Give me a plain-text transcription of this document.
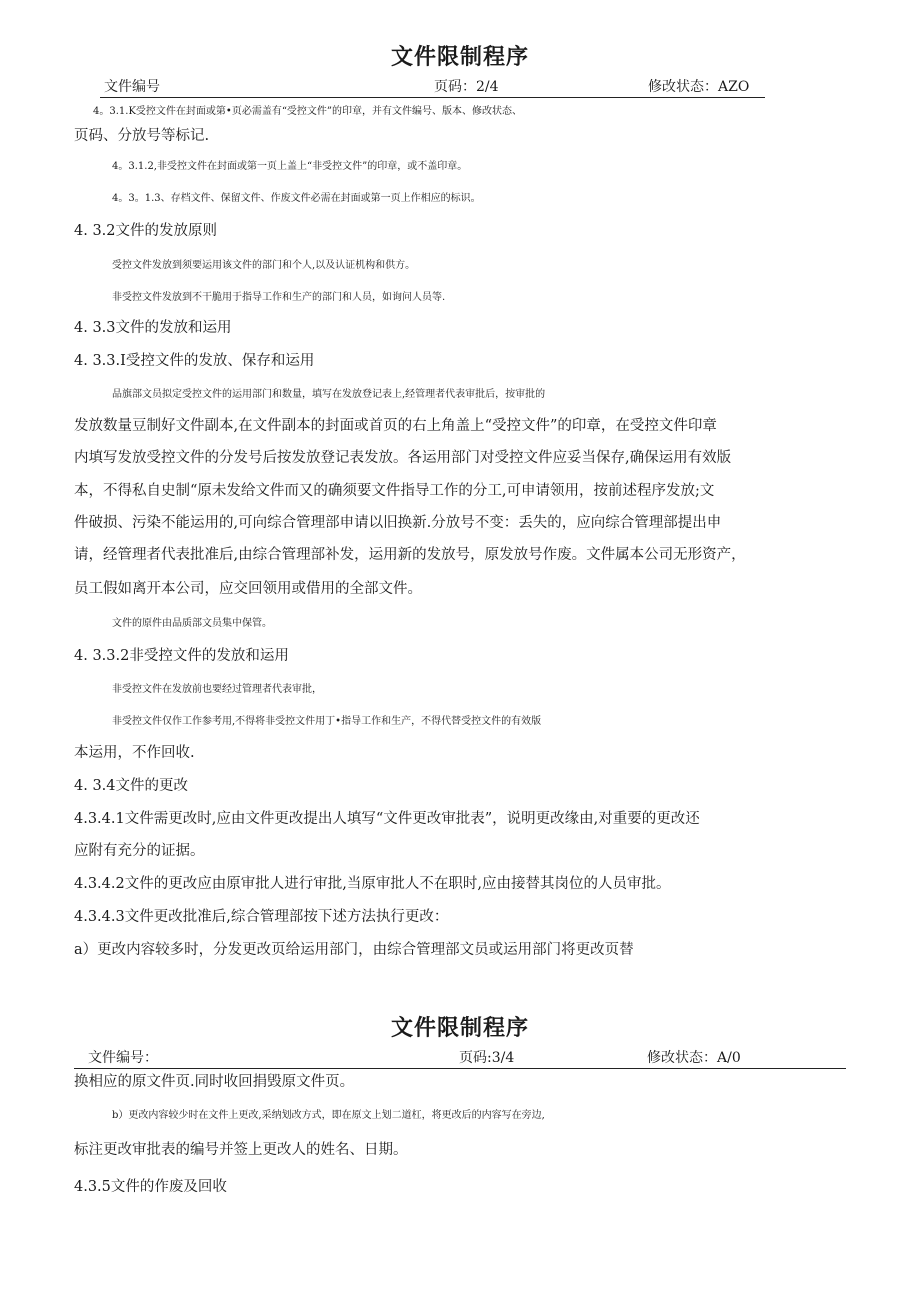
文件限制程序
文件编号	页码：2/4	修改状态：AZO
4。3.1.K受控文件在封面或第•页必需盖有“受控文件”的印章，并有文件编号、版本、修改状态、
页码、分放号等标记.
4。3.1.2,非受控文件在封面或第一页上盖上“非受控文件”的印章，或不盖印章。
4。3。1.3、存档文件、保留文件、作废文件必需在封面或第一页上作相应的标识。
4. 3.2文件的发放原则
受控文件发放到须要运用该文件的部门和个人,以及认证机构和供方。
非受控文件发放到不干脆用于指导工作和生产的部门和人员，如询问人员等.
4. 3.3文件的发放和运用
4. 3.3.I受控文件的发放、保存和运用
品旗部文员拟定受控文件的运用部门和数量，填写在发放登记表上,经管理者代表审批后，按审批的
发放数量豆制好文件副本,在文件副本的封面或首页的右上角盖上“受控文件”的印章，在受控文件印章
内填写发放受控文件的分发号后按发放登记表发放。各运用部门对受控文件应妥当保存,确保运用有效版
本，不得私自史制“原未发给文件而又的确须要文件指导工作的分工,可申请领用，按前述程序发放;文
件破损、污染不能运用的,可向综合管理部申请以旧换新.分放号不变：丢失的，应向综合管理部提出申
请，经管理者代表批准后,由综合管理部补发，运用新的发放号，原发放号作废。文件属本公司无形资产，
员工假如离开本公司，应交回领用或借用的全部文件。
文件的原件由品质部文员集中保管。
4. 3.3.2非受控文件的发放和运用
非受控文件在发放前也要经过管理者代表审批，
非受控文件仅作工作参考用,不得将非受控文件用丁•指导工作和生产，不得代替受控文件的有效版
本运用，不作回收.
4. 3.4文件的更改
4.3.4.1文件需更改时,应由文件更改提出人填写“文件更改审批表”，说明更改缘由,对重要的更改还
应附有充分的证据。
4.3.4.2文件的更改应由原审批人进行审批,当原审批人不在职时,应由接替其岗位的人员审批。
4.3.4.3文件更改批准后,综合管理部按下述方法执行更改：
a）更改内容较多时，分发更改页给运用部门，由综合管理部文员或运用部门将更改页替
文件限制程序
文件编号：	页码:3/4	修改状态：A/0
换相应的原文件页.同时收回捐毁原文件页。
b）更改内容较少时在文件上更改,采纳划改方式，即在原文上划二道杠，将更改后的内容写在旁边,
标注更改审批表的编号并签上更改人的姓名、日期。
4.3.5文件的作废及回收
